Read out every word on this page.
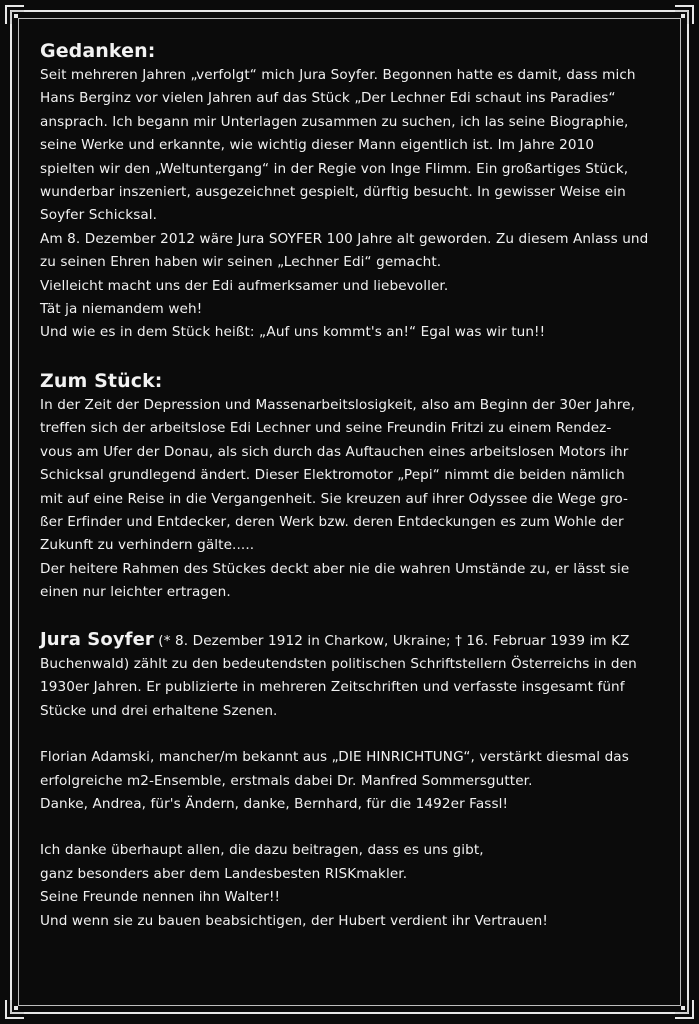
Gedanken:

Seit mehreren Jahren „verfolgt“ mich Jura Soyfer. Begonnen hatte es damit, dass mich

Hans Berginz vor vielen Jahren auf das Stück „Der Lechner Edi schaut ins Paradies“

ansprach. Ich begann mir Unterlagen zusammen zu suchen, ich las seine Biographie,

seine Werke und erkannte, wie wichtig dieser Mann eigentlich ist. Im Jahre 2010

spielten wir den „Weltuntergang“ in der Regie von Inge Flimm. Ein großartiges Stück,

wunderbar inszeniert, ausgezeichnet gespielt, dürftig besucht. In gewisser Weise ein

Soyfer Schicksal.

Am 8. Dezember 2012 wäre Jura SOYFER 100 Jahre alt geworden. Zu diesem Anlass und

zu seinen Ehren haben wir seinen „Lechner Edi“ gemacht.

Vielleicht macht uns der Edi aufmerksamer und liebevoller.

Tät ja niemandem weh!

Und wie es in dem Stück heißt: „Auf uns kommt's an!“ Egal was wir tun!!

Zum Stück:

In der Zeit der Depression und Massenarbeitslosigkeit, also am Beginn der 30er Jahre,

treffen sich der arbeitslose Edi Lechner und seine Freundin Fritzi zu einem Rendez-

vous am Ufer der Donau, als sich durch das Auftauchen eines arbeitslosen Motors ihr

Schicksal grundlegend ändert. Dieser Elektromotor „Pepi“ nimmt die beiden nämlich

mit auf eine Reise in die Vergangenheit. Sie kreuzen auf ihrer Odyssee die Wege gro-

ßer Erfinder und Entdecker, deren Werk bzw. deren Entdeckungen es zum Wohle der

Zukunft zu verhindern gälte.....

Der heitere Rahmen des Stückes deckt aber nie die wahren Umstände zu, er lässt sie

einen nur leichter ertragen.

Jura Soyfer (* 8. Dezember 1912 in Charkow, Ukraine; † 16. Februar 1939 im KZ

Buchenwald) zählt zu den bedeutendsten politischen Schriftstellern Österreichs in den

1930er Jahren. Er publizierte in mehreren Zeitschriften und verfasste insgesamt fünf

Stücke und drei erhaltene Szenen.

Florian Adamski, mancher/m bekannt aus „DIE HINRICHTUNG“, verstärkt diesmal das

erfolgreiche m2-Ensemble, erstmals dabei Dr. Manfred Sommersgutter.

Danke, Andrea, für's Ändern, danke, Bernhard, für die 1492er Fassl!

Ich danke überhaupt allen, die dazu beitragen, dass es uns gibt,

ganz besonders aber dem Landesbesten RISKmakler.

Seine Freunde nennen ihn Walter!!

Und wenn sie zu bauen beabsichtigen, der Hubert verdient ihr Vertrauen!
